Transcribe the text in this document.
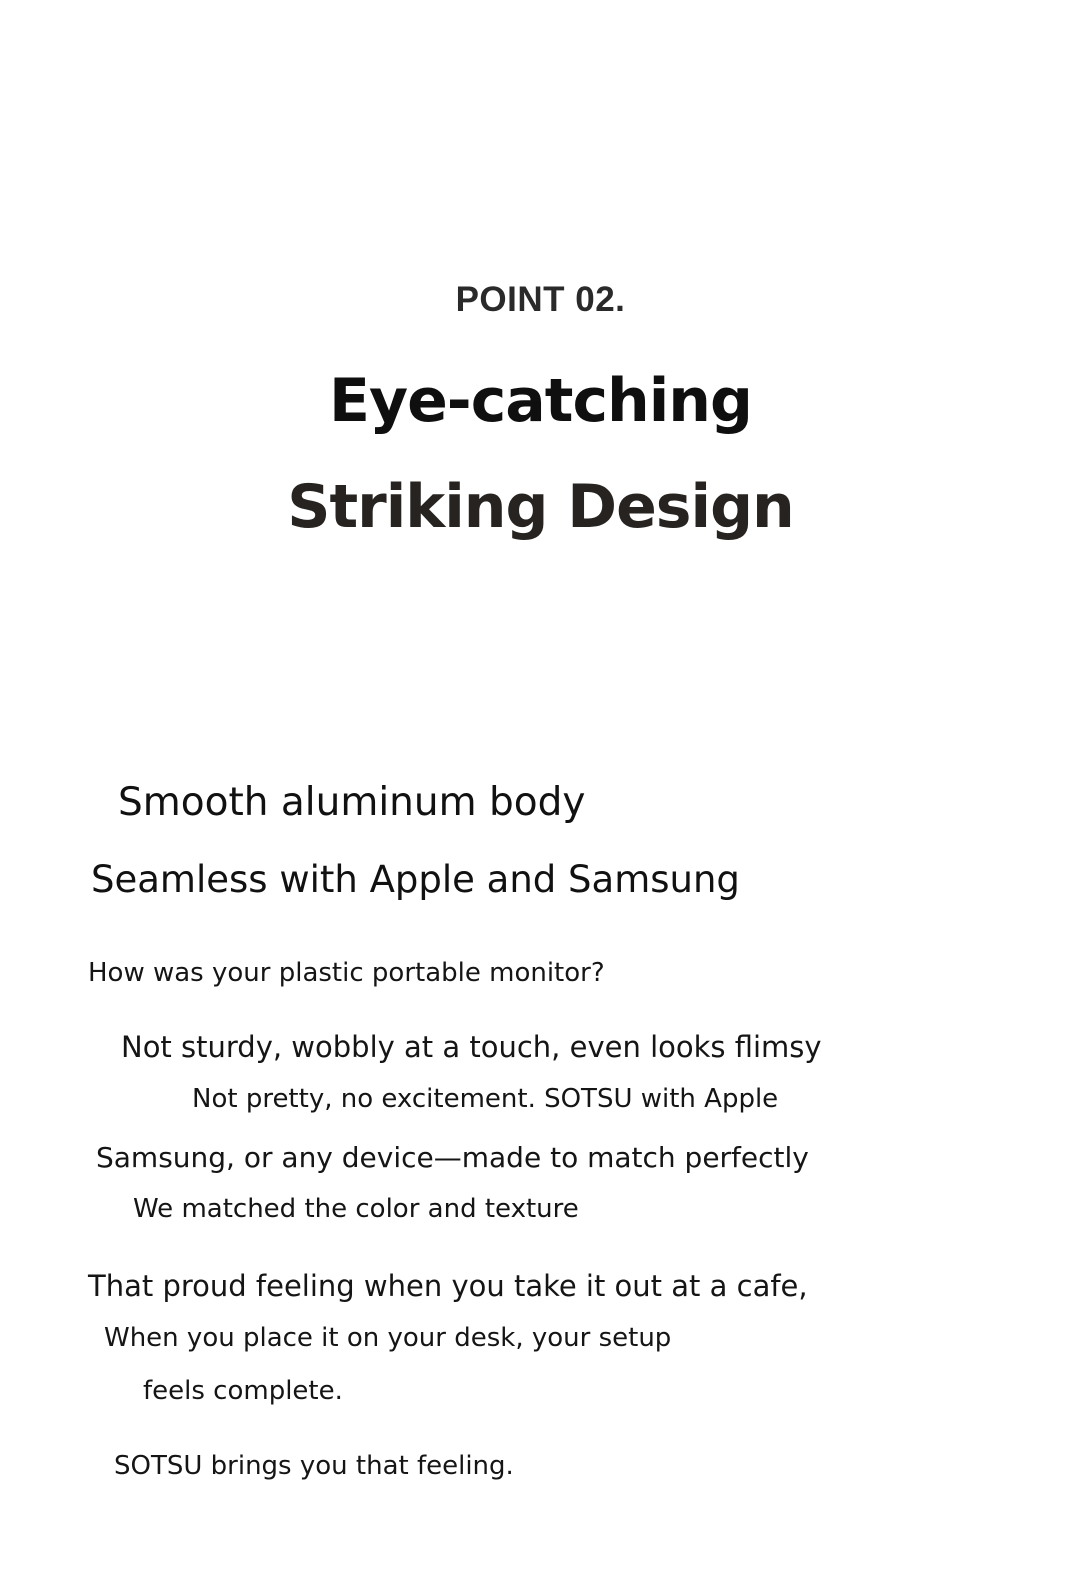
POINT 02.
Eye-catching
Striking Design
Smooth aluminum body
Seamless with Apple and Samsung
How was your plastic portable monitor?
Not sturdy, wobbly at a touch, even looks flimsy
Not pretty, no excitement. SOTSU with Apple
Samsung, or any device—made to match perfectly
We matched the color and texture
That proud feeling when you take it out at a cafe,
When you place it on your desk, your setup
feels complete.
SOTSU brings you that feeling.
